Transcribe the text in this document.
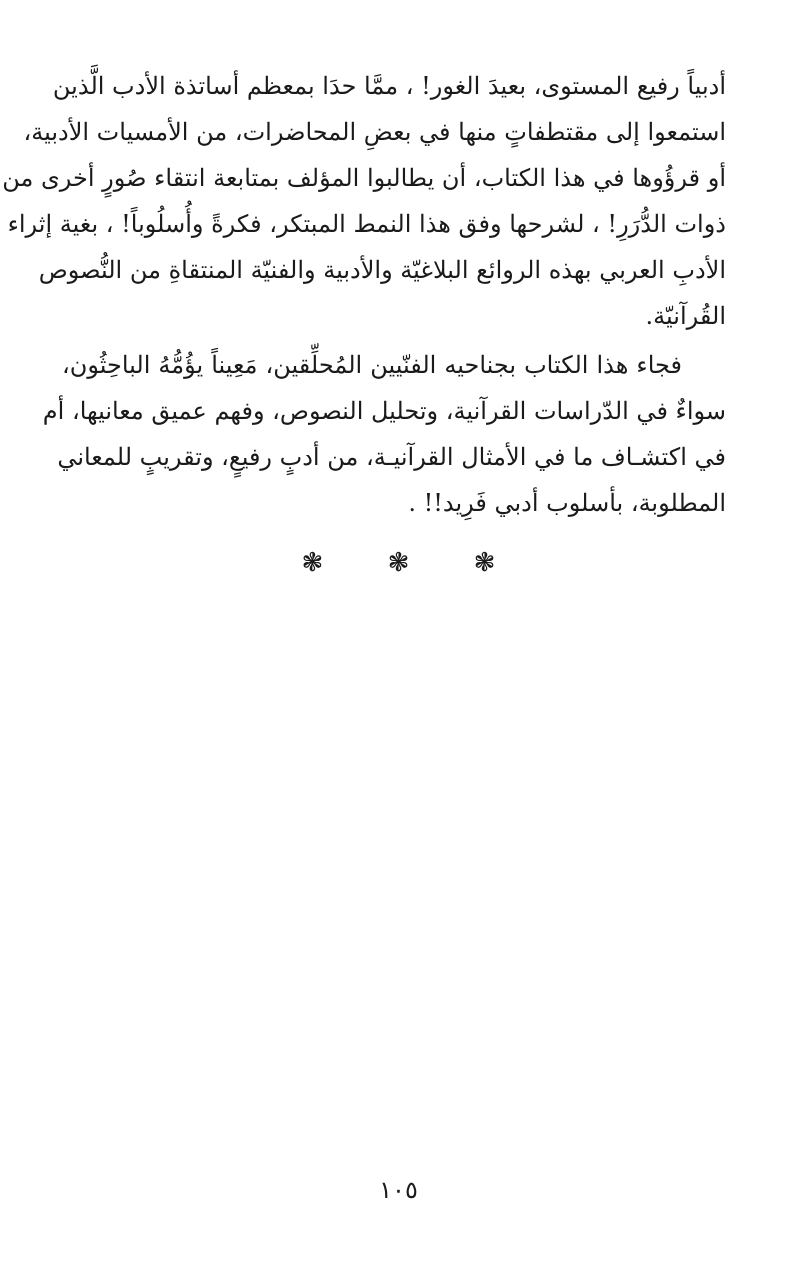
أدبياً رفيع المستوى، بعيدَ الغور! ، ممَّا حدَا بمعظم أساتذة الأدب الَّذين
استمعوا إلى مقتطفاتٍ منها في بعضِ المحاضرات، من الأمسيات الأدبية،
أو قرؤُوها في هذا الكتاب، أن يطالبوا المؤلف بمتابعة انتقاء صُورٍ أخرى من
ذوات الدُّرَرِ! ، لشرحها وفق هذا النمط المبتكر، فكرةً وأُسلُوباً! ، بغية إثراء
الأدبِ العربي بهذه الروائع البلاغيّة والأدبية والفنيّة المنتقاةِ من النُّصوص
القُرآنيّة.

فجاء هذا الكتاب بجناحيه الفنّيين المُحلِّقين، مَعِيناً يؤُمُّهُ الباحِثُون،
سواءٌ في الدّراسات القرآنية، وتحليل النصوص، وفهم عميق معانيها، أم
في اكتشـاف ما في الأمثال القرآنيـة، من أدبٍ رفيعٍ، وتقريبٍ للمعاني
المطلوبة، بأسلوب أدبي فَرِيد!! .

❃ ❃ ❃
١٠٥
